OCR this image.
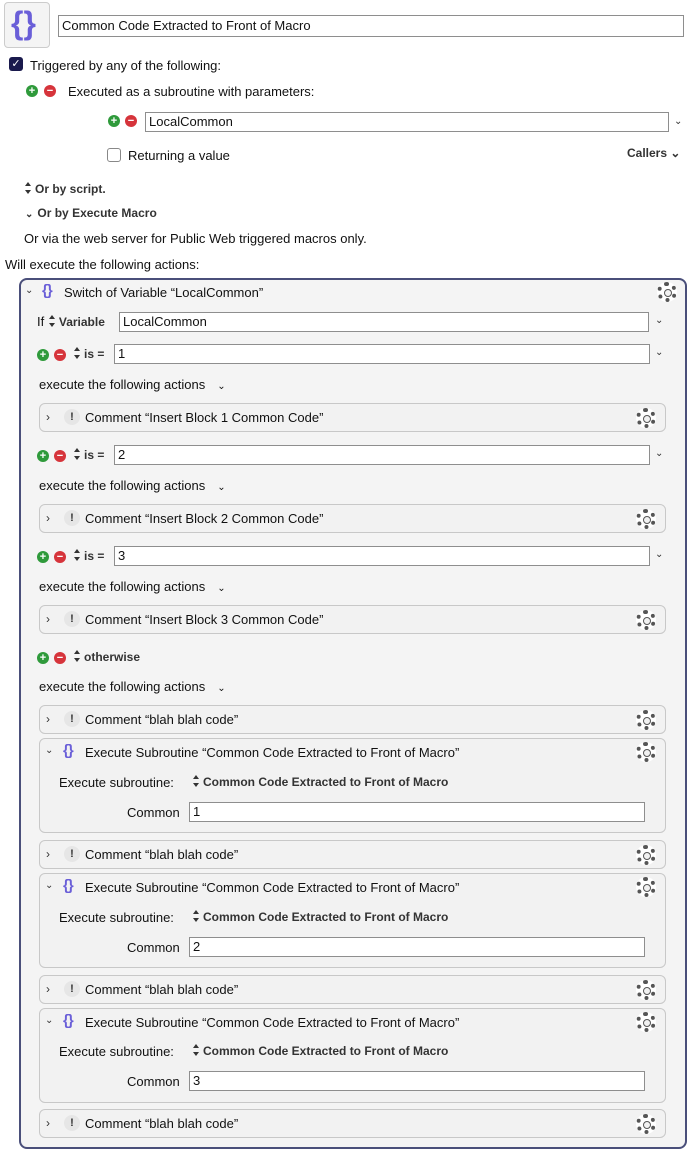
{}	Common Code Extracted to Front of Macro
✓ Triggered by any of the following:
+ − Executed as a subroutine with parameters:
+ −	LocalCommon	⌄
Returning a value	Callers ⌄
Or by script.
⌄ Or by Execute Macro
Or via the web server for Public Web triggered macros only.
Will execute the following actions:
⌄ {} Switch of Variable “LocalCommon”
If Variable	LocalCommon	⌄
+ −	is =	1	⌄
execute the following actions ⌄
›	! Comment “Insert Block 1 Common Code”
+ −	is =	2	⌄
execute the following actions ⌄
›	! Comment “Insert Block 2 Common Code”
+ −	is =	3	⌄
execute the following actions ⌄
›	! Comment “Insert Block 3 Common Code”
+ −	otherwise
execute the following actions ⌄
›	! Comment “blah blah code”
⌄ {} Execute Subroutine “Common Code Extracted to Front of Macro”
Execute subroutine:	Common Code Extracted to Front of Macro
Common	1
›	! Comment “blah blah code”
⌄ {} Execute Subroutine “Common Code Extracted to Front of Macro”
Execute subroutine:	Common Code Extracted to Front of Macro
Common	2
›	! Comment “blah blah code”
⌄ {} Execute Subroutine “Common Code Extracted to Front of Macro”
Execute subroutine:	Common Code Extracted to Front of Macro
Common	3
›	! Comment “blah blah code”
